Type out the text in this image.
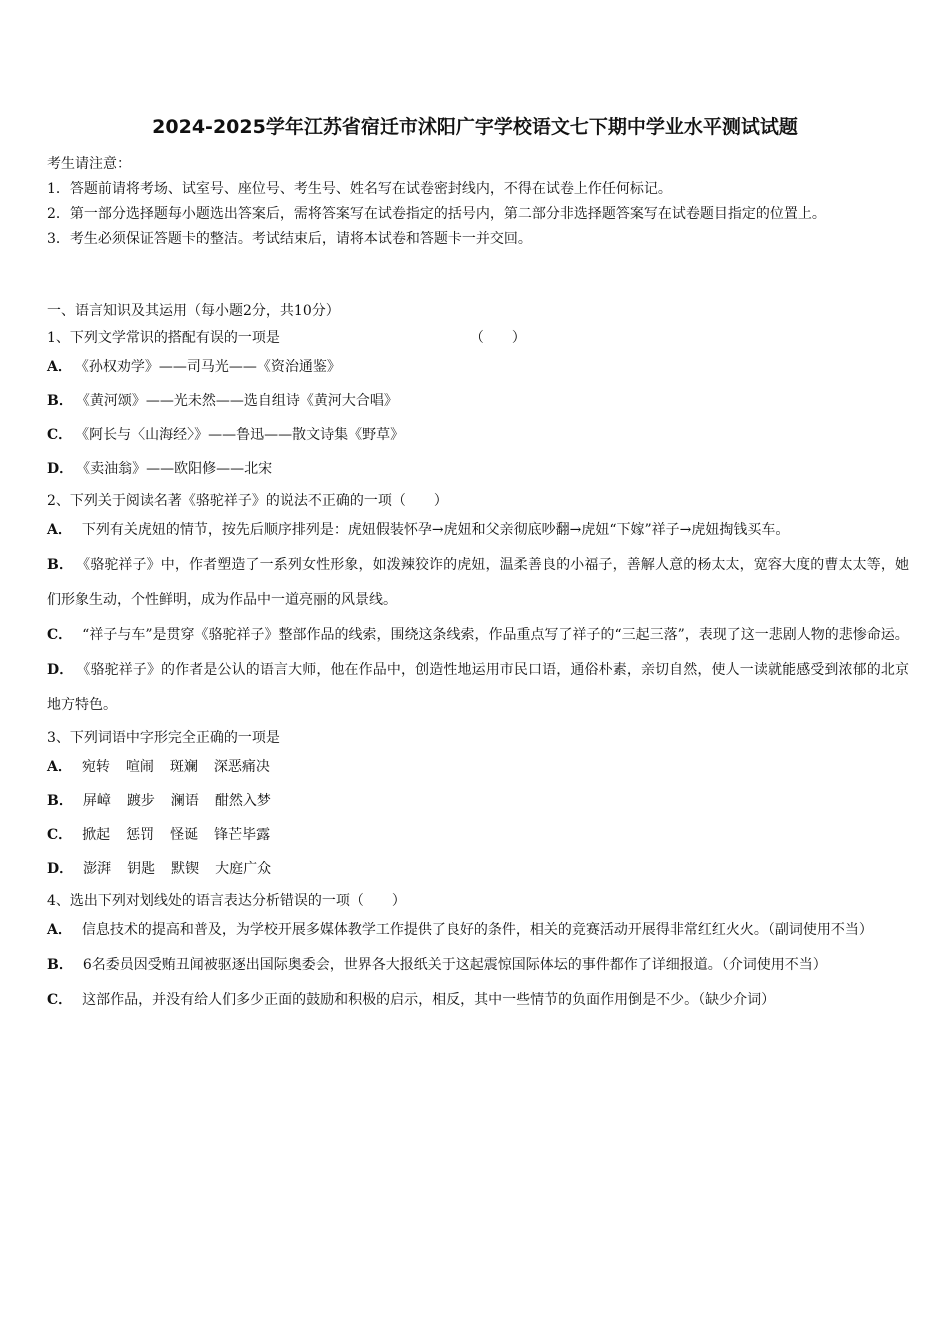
2024-2025学年江苏省宿迁市沭阳广宇学校语文七下期中学业水平测试试题
考生请注意：
1．答题前请将考场、试室号、座位号、考生号、姓名写在试卷密封线内，不得在试卷上作任何标记。
2．第一部分选择题每小题选出答案后，需将答案写在试卷指定的括号内，第二部分非选择题答案写在试卷题目指定的位置上。
3．考生必须保证答题卡的整洁。考试结束后，请将本试卷和答题卡一并交回。
一、语言知识及其运用（每小题2分，共10分）
1、下列文学常识的搭配有误的一项是	（　　）
A． 《孙权劝学》——司马光——《资治通鉴》
B． 《黄河颂》——光未然——选自组诗《黄河大合唱》
C． 《阿长与〈山海经〉》——鲁迅——散文诗集《野草》
D． 《卖油翁》——欧阳修——北宋
2、下列关于阅读名著《骆驼祥子》的说法不正确的一项（　　）
A． 下列有关虎妞的情节，按先后顺序排列是：虎妞假装怀孕→虎妞和父亲彻底吵翻→虎妞“下嫁”祥子→虎妞掏钱买车。
B． 《骆驼祥子》中，作者塑造了一系列女性形象，如泼辣狡诈的虎妞，温柔善良的小福子，善解人意的杨太太，宽容大度的曹太太等，她们形象生动，个性鲜明，成为作品中一道亮丽的风景线。
C． “祥子与车”是贯穿《骆驼祥子》整部作品的线索，围绕这条线索，作品重点写了祥子的“三起三落”，表现了这一悲剧人物的悲惨命运。
D． 《骆驼祥子》的作者是公认的语言大师，他在作品中，创造性地运用市民口语，通俗朴素，亲切自然，使人一读就能感受到浓郁的北京地方特色。
3、下列词语中字形完全正确的一项是
A． 宛转 喧闹 斑斓 深恶痛决
B． 屏嶂 踱步 澜语 酣然入梦
C． 掀起 惩罚 怪诞 锋芒毕露
D． 澎湃 钥匙 默锲 大庭广众
4、选出下列对划线处的语言表达分析错误的一项（　　）
A． 信息技术的提高和普及，为学校开展多媒体教学工作提供了良好的条件，相关的竞赛活动开展得非常红红火火。（副词使用不当）
B． 6名委员因受贿丑闻被驱逐出国际奥委会，世界各大报纸关于这起震惊国际体坛的事件都作了详细报道。（介词使用不当）
C． 这部作品，并没有给人们多少正面的鼓励和积极的启示，相反，其中一些情节的负面作用倒是不少。（缺少介词）
